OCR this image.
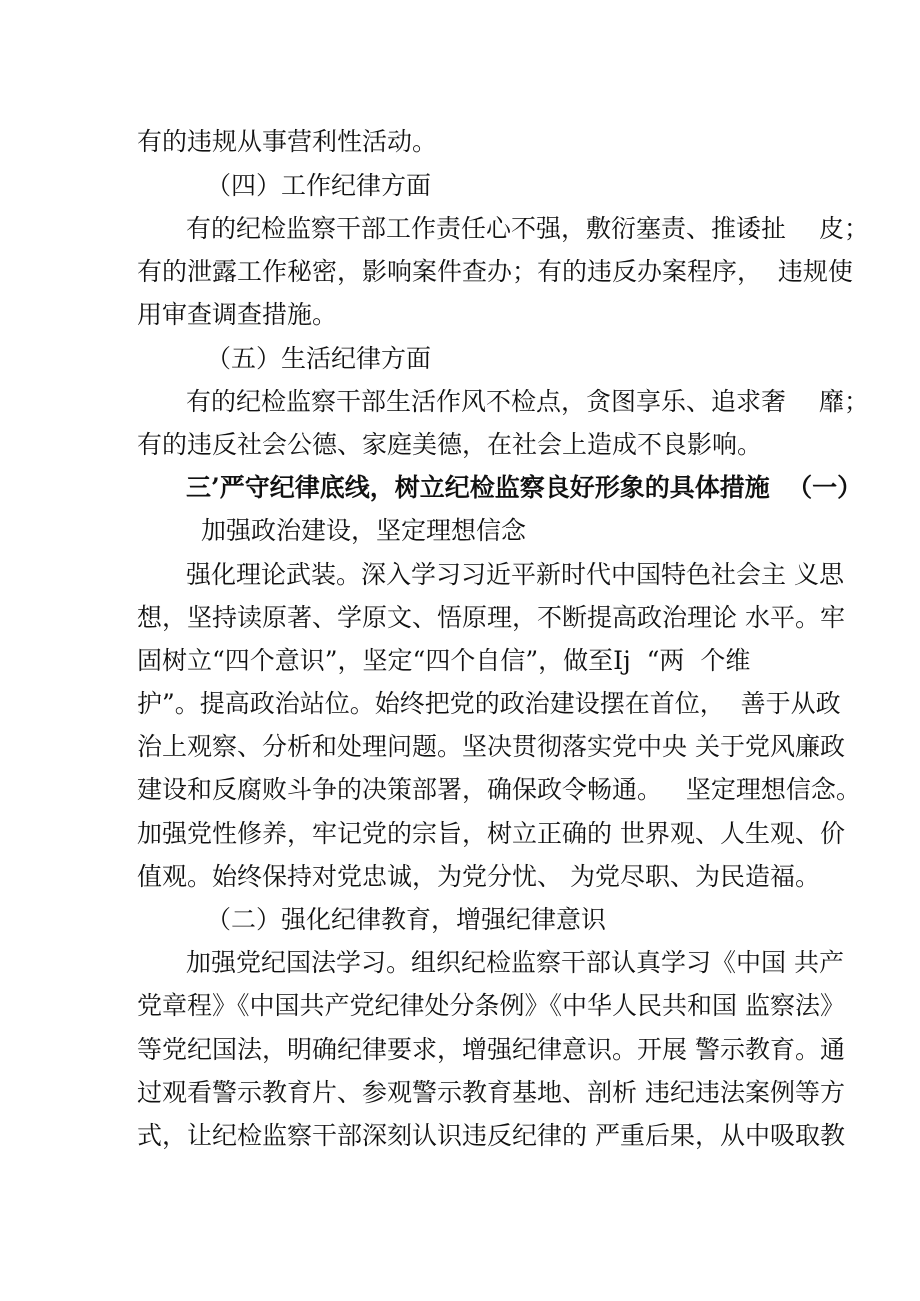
有的违规从事营利性活动。
（四）工作纪律方面
有的纪检监察干部工作责任心不强，敷衍塞责、推诿扯　 皮；
有的泄露工作秘密，影响案件查办；有的违反办案程序，  违规使
用审查调查措施。
（五）生活纪律方面
有的纪检监察干部生活作风不检点，贪图享乐、追求奢　 靡；
有的违反社会公德、家庭美德，在社会上造成不良影响。
三’严守纪律底线，树立纪检监察良好形象的具体措施  （一）
加强政治建设，坚定理想信念
强化理论武装。深入学习习近平新时代中国特色社会主 义思
想，坚持读原著、学原文、悟原理，不断提高政治理论 水平。牢
固树立“四个意识”，坚定“四个自信”，做至Ij  “两  个维
护”。提高政治站位。始终把党的政治建设摆在首位，  善于从政
治上观察、分析和处理问题。坚决贯彻落实党中央 关于党风廉政
建设和反腐败斗争的决策部署，确保政令畅通。   坚定理想信念。
加强党性修养，牢记党的宗旨，树立正确的 世界观、人生观、价
值观。始终保持对党忠诚，为党分忧、 为党尽职、为民造福。
（二）强化纪律教育，增强纪律意识
加强党纪国法学习。组织纪检监察干部认真学习《中国 共产
党章程》《中国共产党纪律处分条例》《中华人民共和国 监察法》
等党纪国法，明确纪律要求，增强纪律意识。开展 警示教育。通
过观看警示教育片、参观警示教育基地、剖析 违纪违法案例等方
式，让纪检监察干部深刻认识违反纪律的 严重后果，从中吸取教
